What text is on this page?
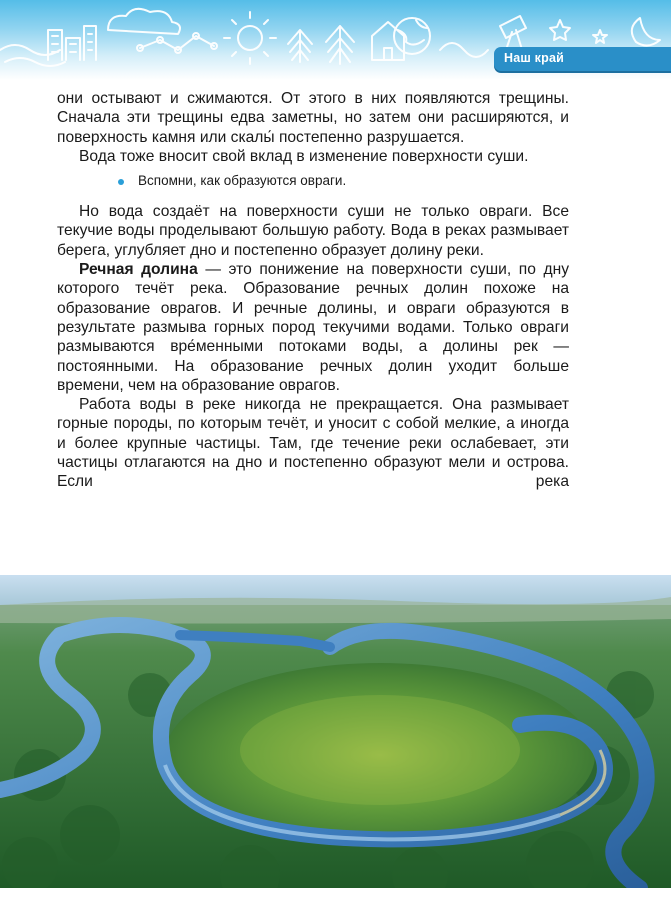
Наш край

они остывают и сжимаются. От этого в них появляются трещины. Сначала эти трещины едва заметны, но затем они расширяются, и поверхность камня или скалы́ постепенно разрушается.

Вода тоже вносит свой вклад в изменение поверхности суши.

Вспомни, как образуются овраги.

Но вода создаёт на поверхности суши не только овраги. Все текучие воды проделывают большую работу. Вода в реках размывает берега, углубляет дно и постепенно образует долину реки.

Речная долина — это понижение на поверхности суши, по дну которого течёт река. Образование речных долин похоже на образование оврагов. И речные долины, и овраги образуются в результате размыва горных пород текучими водами. Только овраги размываются вре́менными потоками воды, а долины рек — постоянными. На образование речных долин уходит больше времени, чем на образование оврагов.

Работа воды в реке никогда не прекращается. Она размывает горные породы, по которым течёт, и уносит с собой мелкие, а иногда и более крупные частицы. Там, где течение реки ослабевает, эти частицы отлагаются на дно и постепенно образуют мели и острова. Если река
